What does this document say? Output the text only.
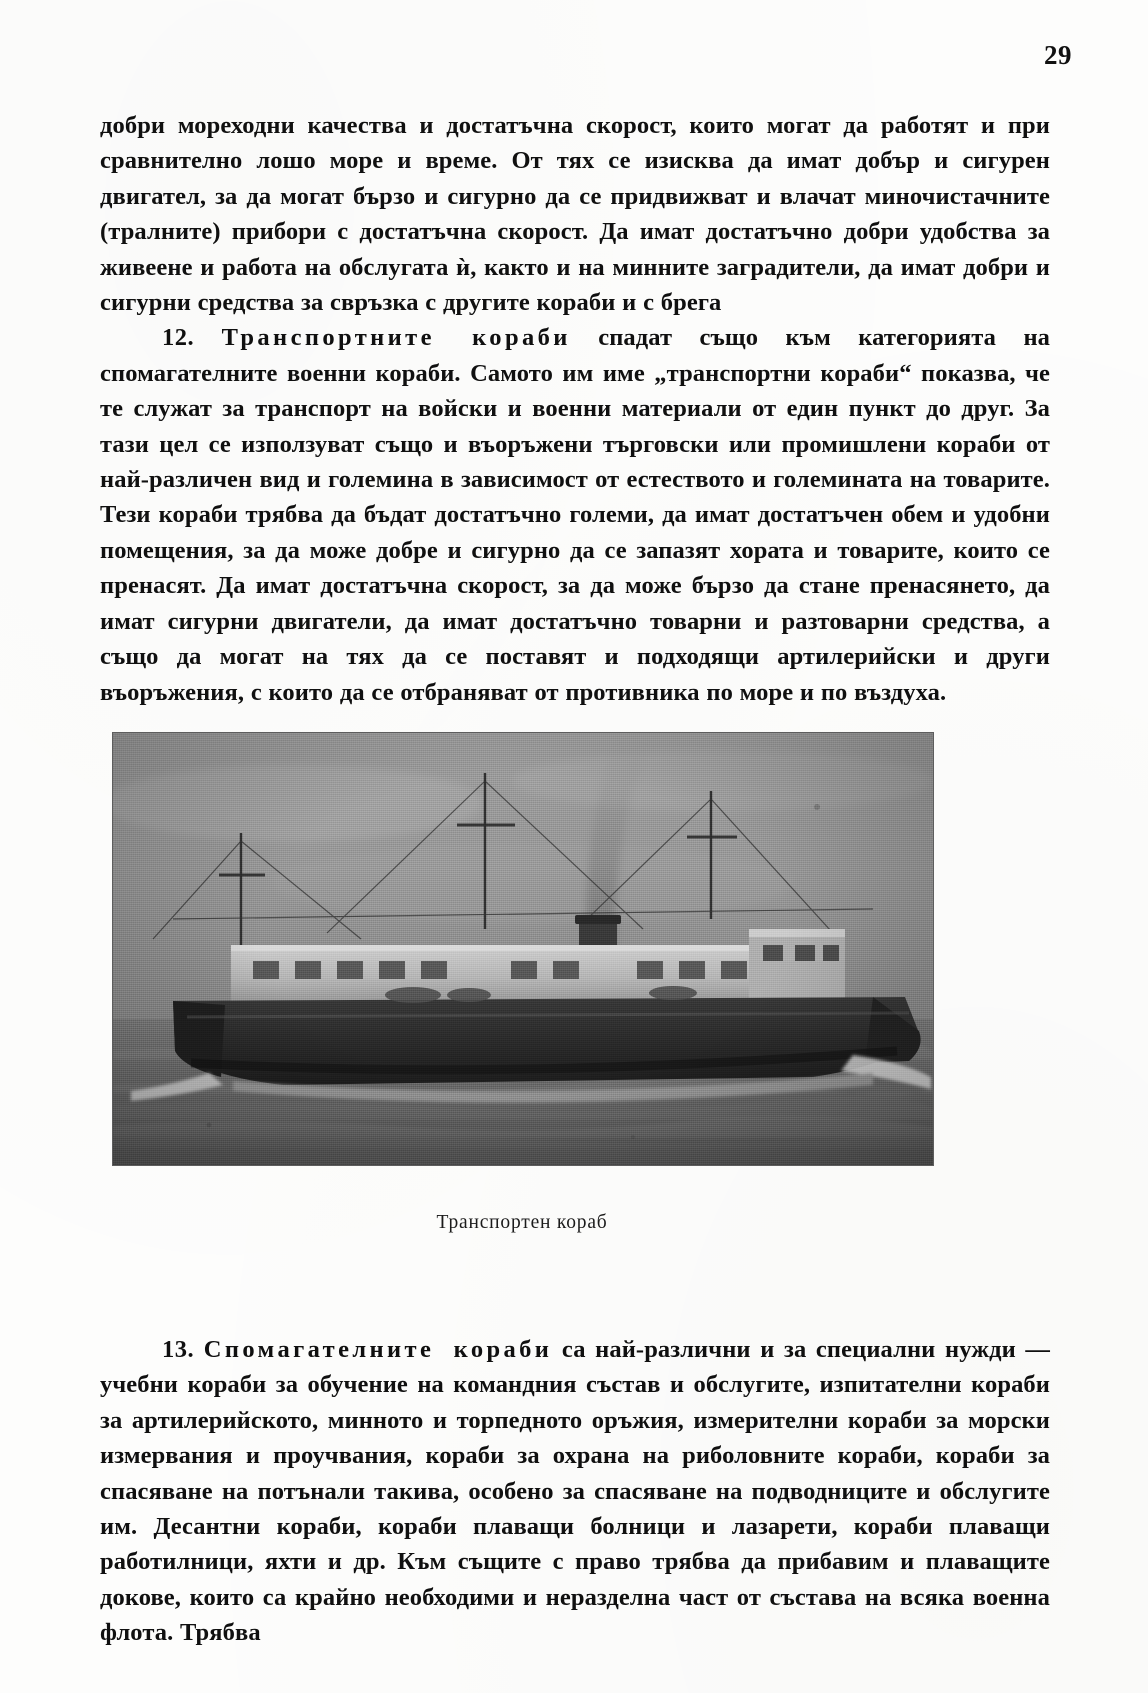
29

добри мореходни качества и достатъчна скорост, които могат да работят и при сравнително лошо море и време. От тях се изисква да имат добър и сигурен двигател, за да могат бързо и сигурно да се придвижват и влачат миночистачните (тралните) прибори с достатъчна скорост. Да имат достатъчно добри удобства за живеене и работа на обслугата ѝ, както и на минните заградители, да имат добри и сигурни средства за свръзка с другите кораби и с брега

12. Транспортните кораби спадат също към категорията на спомагателните военни кораби. Самото им име „транспортни кораби“ показва, че те служат за транспорт на войски и военни материали от един пункт до друг. За тази цел се използуват също и въоръжени търговски или промишлени кораби от най-различен вид и големина в зависимост от естеството и големината на товарите. Тези кораби трябва да бъдат достатъчно големи, да имат достатъчен обем и удобни помещения, за да може добре и сигурно да се запазят хората и товарите, които се пренасят. Да имат достатъчна скорост, за да може бързо да стане пренасянето, да имат сигурни двигатели, да имат достатъчно товарни и разтоварни средства, а също да могат на тях да се поставят и подходящи артилерийски и други въоръжения, с които да се отбраняват от противника по море и по въздуха.

Транспортен кораб

13. Спомагателните кораби са най-различни и за специални нужди — учебни кораби за обучение на командния състав и обслугите, изпитателни кораби за артилерийското, минното и торпедното оръжия, измерителни кораби за морски измервания и проучвания, кораби за охрана на риболовните кораби, кораби за спасяване на потънали такива, особено за спасяване на подводниците и обслугите им. Десантни кораби, кораби плаващи болници и лазарети, кораби плаващи работилници, яхти и др. Към същите с право трябва да прибавим и плаващите докове, които са крайно необходими и неразделна част от състава на всяка военна флота. Трябва
